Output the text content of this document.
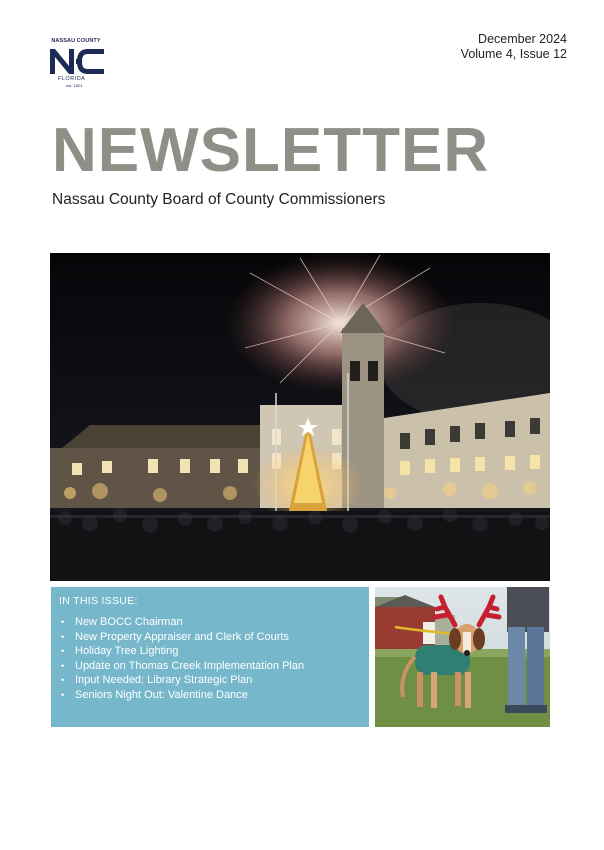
NASSAU COUNTY
FLORIDA
est. 1824
December 2024
Volume 4, Issue 12
NEWSLETTER
Nassau County Board of County Commissioners
IN THIS ISSUE:
• New BOCC Chairman
• New Property Appraiser and Clerk of Courts
• Holiday Tree Lighting
• Update on Thomas Creek Implementation Plan
• Input Needed: Library Strategic Plan
• Seniors Night Out: Valentine Dance
